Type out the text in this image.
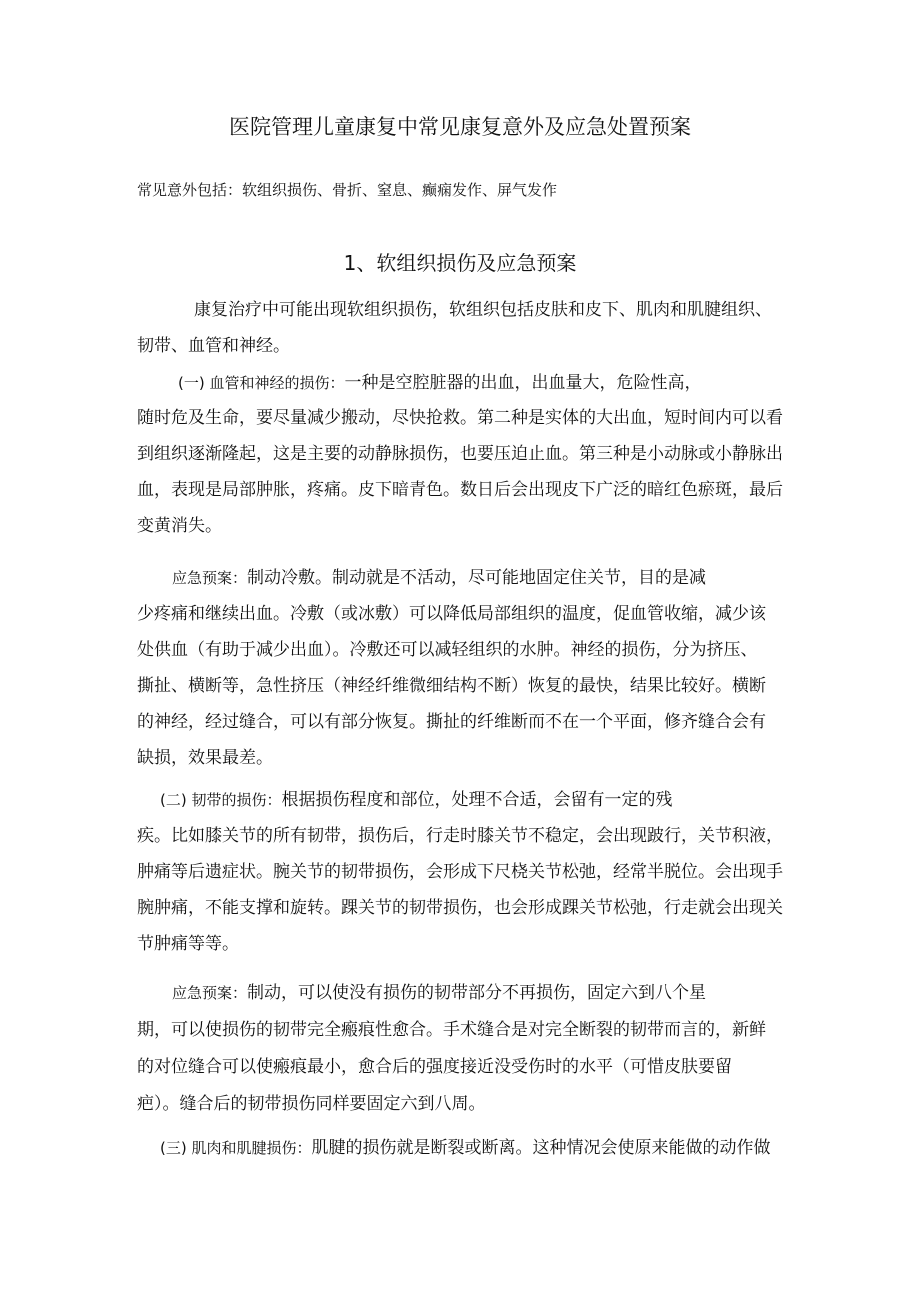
医院管理儿童康复中常见康复意外及应急处置预案
常见意外包括：软组织损伤、骨折、窒息、癫痫发作、屏气发作
1、软组织损伤及应急预案
康复治疗中可能出现软组织损伤，软组织包括皮肤和皮下、肌肉和肌腱组织、
韧带、血管和神经。
(一) 血管和神经的损伤：一种是空腔脏器的出血，出血量大，危险性高，
随时危及生命，要尽量减少搬动，尽快抢救。第二种是实体的大出血，短时间内可以看
到组织逐渐隆起，这是主要的动静脉损伤，也要压迫止血。第三种是小动脉或小静脉出
血，表现是局部肿胀，疼痛。皮下暗青色。数日后会出现皮下广泛的暗红色瘀斑，最后
变黄消失。
应急预案：制动冷敷。制动就是不活动，尽可能地固定住关节，目的是减
少疼痛和继续出血。冷敷（或冰敷）可以降低局部组织的温度，促血管收缩，减少该
处供血（有助于减少出血）。冷敷还可以减轻组织的水肿。神经的损伤，分为挤压、
撕扯、横断等，急性挤压（神经纤维微细结构不断）恢复的最快，结果比较好。横断
的神经，经过缝合，可以有部分恢复。撕扯的纤维断而不在一个平面，修齐缝合会有
缺损，效果最差。
(二) 韧带的损伤：根据损伤程度和部位，处理不合适，会留有一定的残
疾。比如膝关节的所有韧带，损伤后，行走时膝关节不稳定，会出现跛行，关节积液，
肿痛等后遗症状。腕关节的韧带损伤，会形成下尺桡关节松弛，经常半脱位。会出现手
腕肿痛，不能支撑和旋转。踝关节的韧带损伤，也会形成踝关节松弛，行走就会出现关
节肿痛等等。
应急预案：制动，可以使没有损伤的韧带部分不再损伤，固定六到八个星
期，可以使损伤的韧带完全瘢痕性愈合。手术缝合是对完全断裂的韧带而言的，新鲜
的对位缝合可以使瘢痕最小，愈合后的强度接近没受伤时的水平（可惜皮肤要留
疤）。缝合后的韧带损伤同样要固定六到八周。
(三) 肌肉和肌腱损伤：肌腱的损伤就是断裂或断离。这种情况会使原来能做的动作做
